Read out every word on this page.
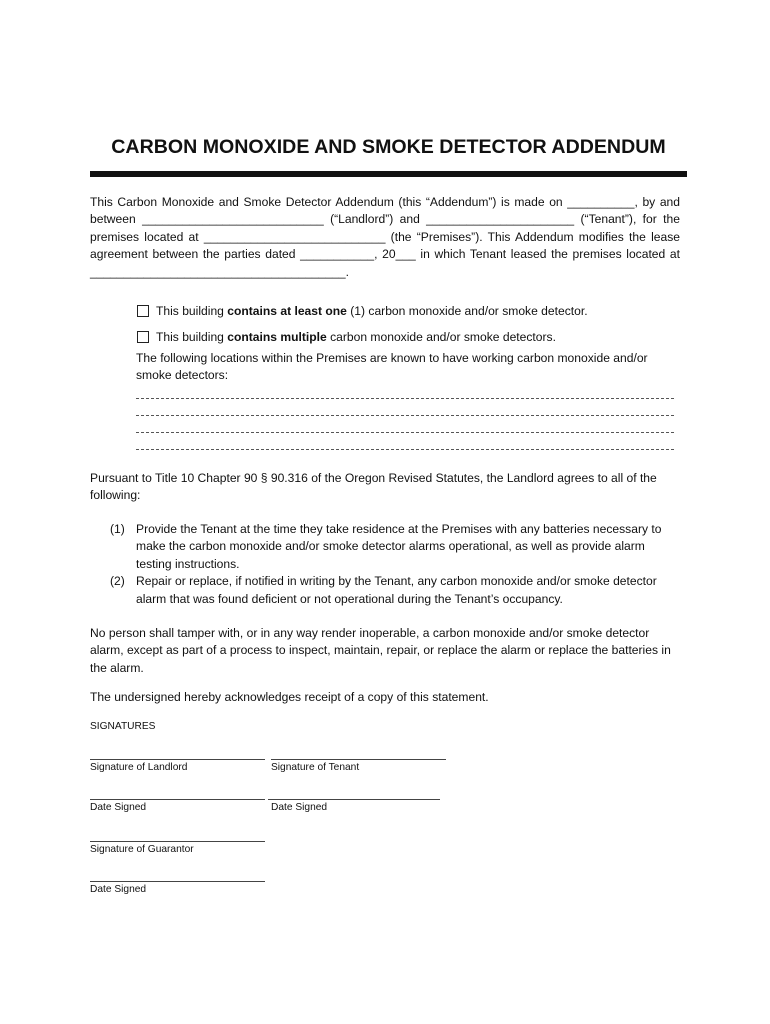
CARBON MONOXIDE AND SMOKE DETECTOR ADDENDUM
This Carbon Monoxide and Smoke Detector Addendum (this “Addendum”) is made on __________, by and between ___________________________ (“Landlord”) and ______________________ (“Tenant”), for the premises located at ___________________________ (the “Premises”). This Addendum modifies the lease agreement between the parties dated ___________, 20___ in which Tenant leased the premises located at ______________________________________.
This building contains at least one (1) carbon monoxide and/or smoke detector.
This building contains multiple carbon monoxide and/or smoke detectors.
The following locations within the Premises are known to have working carbon monoxide and/or smoke detectors:
Pursuant to Title 10 Chapter 90 § 90.316 of the Oregon Revised Statutes, the Landlord agrees to all of the following:
(1) Provide the Tenant at the time they take residence at the Premises with any batteries necessary to make the carbon monoxide and/or smoke detector alarms operational, as well as provide alarm testing instructions.
(2) Repair or replace, if notified in writing by the Tenant, any carbon monoxide and/or smoke detector alarm that was found deficient or not operational during the Tenant’s occupancy.
No person shall tamper with, or in any way render inoperable, a carbon monoxide and/or smoke detector alarm, except as part of a process to inspect, maintain, repair, or replace the alarm or replace the batteries in the alarm.
The undersigned hereby acknowledges receipt of a copy of this statement.
SIGNATURES
Signature of Landlord	Signature of Tenant
Date Signed	Date Signed
Signature of Guarantor
Date Signed
